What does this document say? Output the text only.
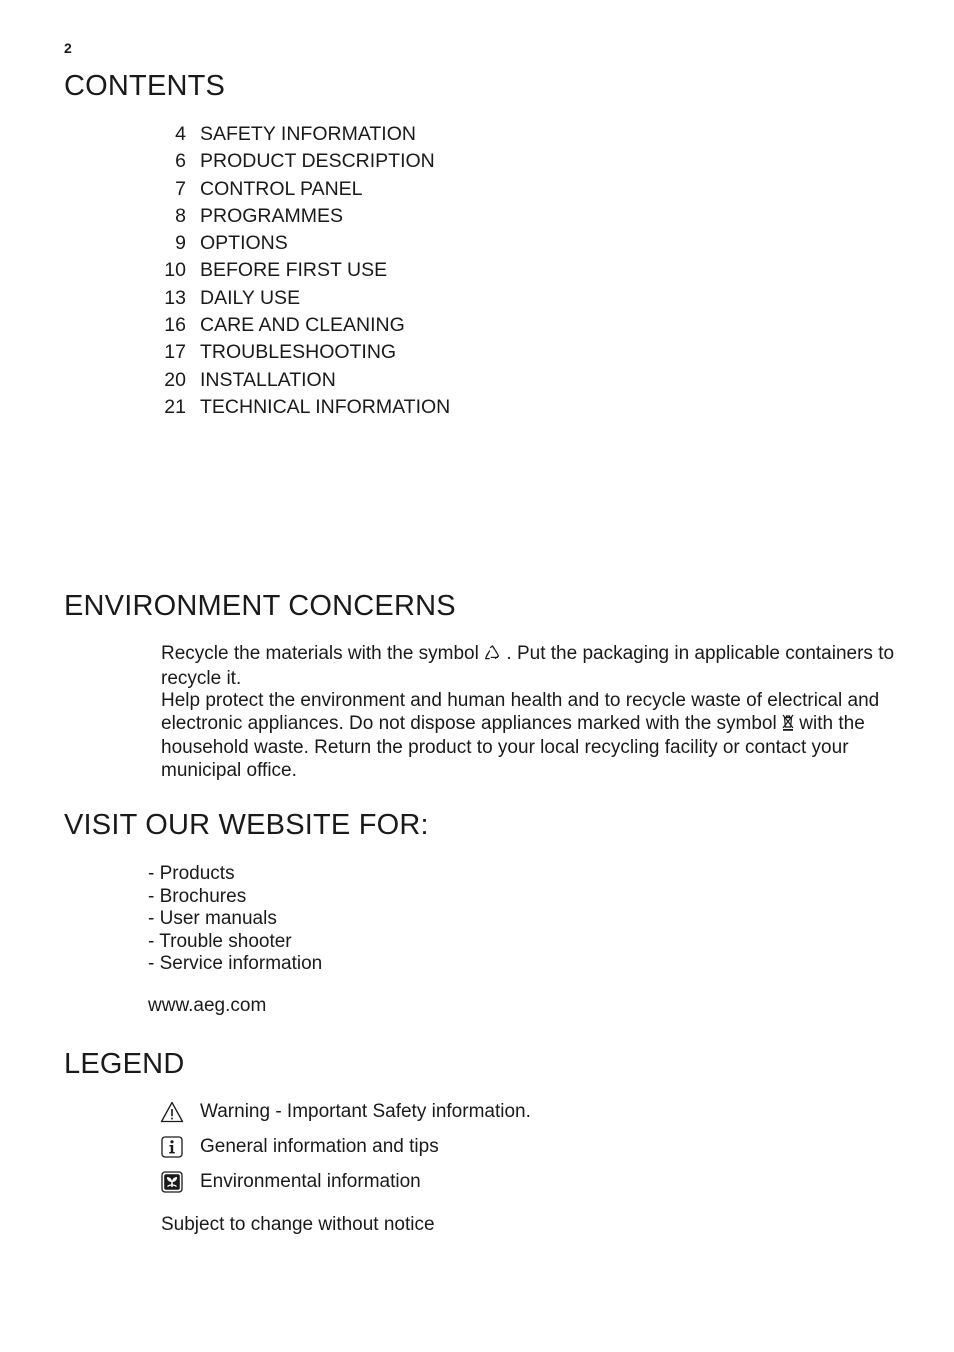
2
CONTENTS
4 SAFETY INFORMATION
6 PRODUCT DESCRIPTION
7 CONTROL PANEL
8 PROGRAMMES
9 OPTIONS
10 BEFORE FIRST USE
13 DAILY USE
16 CARE AND CLEANING
17 TROUBLESHOOTING
20 INSTALLATION
21 TECHNICAL INFORMATION
ENVIRONMENT CONCERNS

Recycle the materials with the symbol . Put the packaging in applicable containers to recycle it.

Help protect the environment and human health and to recycle waste of electrical and electronic appliances. Do not dispose appliances marked with the symbol with the household waste. Return the product to your local recycling facility or contact your municipal office.

VISIT OUR WEBSITE FOR:
- Products
- Brochures
- User manuals
- Trouble shooter
- Service information
www.aeg.com
LEGEND
Warning - Important Safety information.
General information and tips
Environmental information
Subject to change without notice
